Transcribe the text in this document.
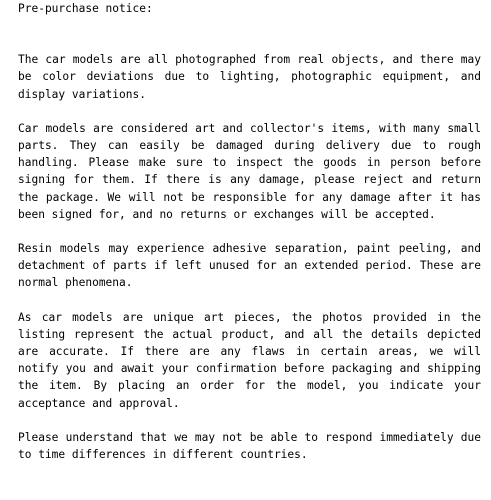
Pre-purchase notice:

The car models are all photographed from real objects, and there may be color deviations due to lighting, photographic equipment, and display variations.

Car models are considered art and collector's items, with many small parts. They can easily be damaged during delivery due to rough handling. Please make sure to inspect the goods in person before signing for them. If there is any damage, please reject and return the package. We will not be responsible for any damage after it has been signed for, and no returns or exchanges will be accepted.

Resin models may experience adhesive separation, paint peeling, and detachment of parts if left unused for an extended period. These are normal phenomena.

As car models are unique art pieces, the photos provided in the listing represent the actual product, and all the details depicted are accurate. If there are any flaws in certain areas, we will notify you and await your confirmation before packaging and shipping the item. By placing an order for the model, you indicate your acceptance and approval.

Please understand that we may not be able to respond immediately due to time differences in different countries.
